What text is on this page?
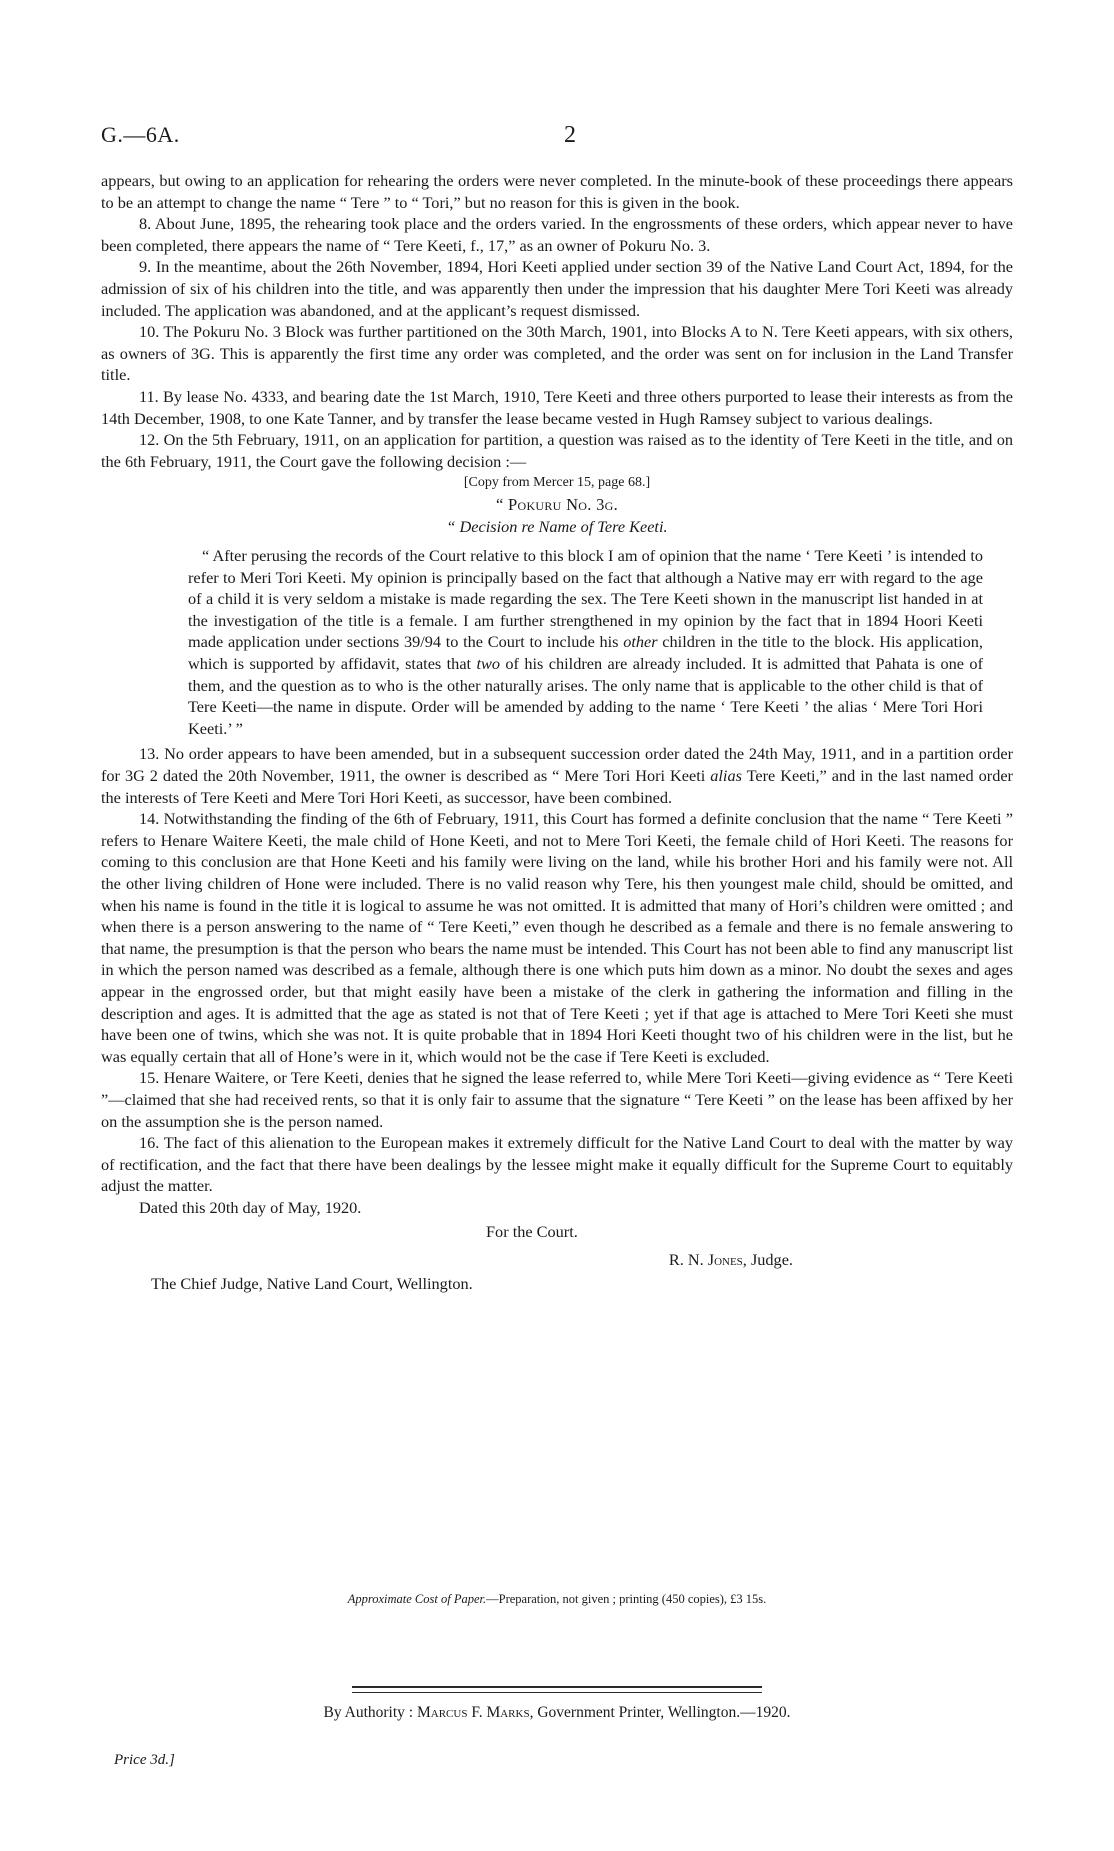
G.—6A.	2

appears, but owing to an application for rehearing the orders were never completed. In the minute-book of these proceedings there appears to be an attempt to change the name “ Tere ” to “ Tori,” but no reason for this is given in the book.

8. About June, 1895, the rehearing took place and the orders varied. In the engrossments of these orders, which appear never to have been completed, there appears the name of “ Tere Keeti, f., 17,” as an owner of Pokuru No. 3.

9. In the meantime, about the 26th November, 1894, Hori Keeti applied under section 39 of the Native Land Court Act, 1894, for the admission of six of his children into the title, and was apparently then under the impression that his daughter Mere Tori Keeti was already included. The application was abandoned, and at the applicant’s request dismissed.

10. The Pokuru No. 3 Block was further partitioned on the 30th March, 1901, into Blocks A to N. Tere Keeti appears, with six others, as owners of 3G. This is apparently the first time any order was completed, and the order was sent on for inclusion in the Land Transfer title.

11. By lease No. 4333, and bearing date the 1st March, 1910, Tere Keeti and three others purported to lease their interests as from the 14th December, 1908, to one Kate Tanner, and by transfer the lease became vested in Hugh Ramsey subject to various dealings.

12. On the 5th February, 1911, on an application for partition, a question was raised as to the identity of Tere Keeti in the title, and on the 6th February, 1911, the Court gave the following decision :—

[Copy from Mercer 15, page 68.]

“ Pokuru No. 3g.

“ Decision re Name of Tere Keeti.

“ After perusing the records of the Court relative to this block I am of opinion that the name ‘ Tere Keeti ’ is intended to refer to Meri Tori Keeti. My opinion is principally based on the fact that although a Native may err with regard to the age of a child it is very seldom a mistake is made regarding the sex. The Tere Keeti shown in the manuscript list handed in at the investigation of the title is a female. I am further strengthened in my opinion by the fact that in 1894 Hoori Keeti made application under sections 39/94 to the Court to include his other children in the title to the block. His application, which is supported by affidavit, states that two of his children are already included. It is admitted that Pahata is one of them, and the question as to who is the other naturally arises. The only name that is applicable to the other child is that of Tere Keeti—the name in dispute. Order will be amended by adding to the name ‘ Tere Keeti ’ the alias ‘ Mere Tori Hori Keeti.’ ”

13. No order appears to have been amended, but in a subsequent succession order dated the 24th May, 1911, and in a partition order for 3G 2 dated the 20th November, 1911, the owner is described as “ Mere Tori Hori Keeti alias Tere Keeti,” and in the last named order the interests of Tere Keeti and Mere Tori Hori Keeti, as successor, have been combined.

14. Notwithstanding the finding of the 6th of February, 1911, this Court has formed a definite conclusion that the name “ Tere Keeti ” refers to Henare Waitere Keeti, the male child of Hone Keeti, and not to Mere Tori Keeti, the female child of Hori Keeti. The reasons for coming to this conclusion are that Hone Keeti and his family were living on the land, while his brother Hori and his family were not. All the other living children of Hone were included. There is no valid reason why Tere, his then youngest male child, should be omitted, and when his name is found in the title it is logical to assume he was not omitted. It is admitted that many of Hori’s children were omitted ; and when there is a person answering to the name of “ Tere Keeti,” even though he described as a female and there is no female answering to that name, the presumption is that the person who bears the name must be intended. This Court has not been able to find any manuscript list in which the person named was described as a female, although there is one which puts him down as a minor. No doubt the sexes and ages appear in the engrossed order, but that might easily have been a mistake of the clerk in gathering the information and filling in the description and ages. It is admitted that the age as stated is not that of Tere Keeti ; yet if that age is attached to Mere Tori Keeti she must have been one of twins, which she was not. It is quite probable that in 1894 Hori Keeti thought two of his children were in the list, but he was equally certain that all of Hone’s were in it, which would not be the case if Tere Keeti is excluded.

15. Henare Waitere, or Tere Keeti, denies that he signed the lease referred to, while Mere Tori Keeti—giving evidence as “ Tere Keeti ”—claimed that she had received rents, so that it is only fair to assume that the signature “ Tere Keeti ” on the lease has been affixed by her on the assumption she is the person named.

16. The fact of this alienation to the European makes it extremely difficult for the Native Land Court to deal with the matter by way of rectification, and the fact that there have been dealings by the lessee might make it equally difficult for the Supreme Court to equitably adjust the matter.

Dated this 20th day of May, 1920.

For the Court.
R. N. Jones, Judge.
The Chief Judge, Native Land Court, Wellington.
Approximate Cost of Paper.—Preparation, not given ; printing (450 copies), £3 15s.
By Authority : Marcus F. Marks, Government Printer, Wellington.—1920.
Price 3d.]
